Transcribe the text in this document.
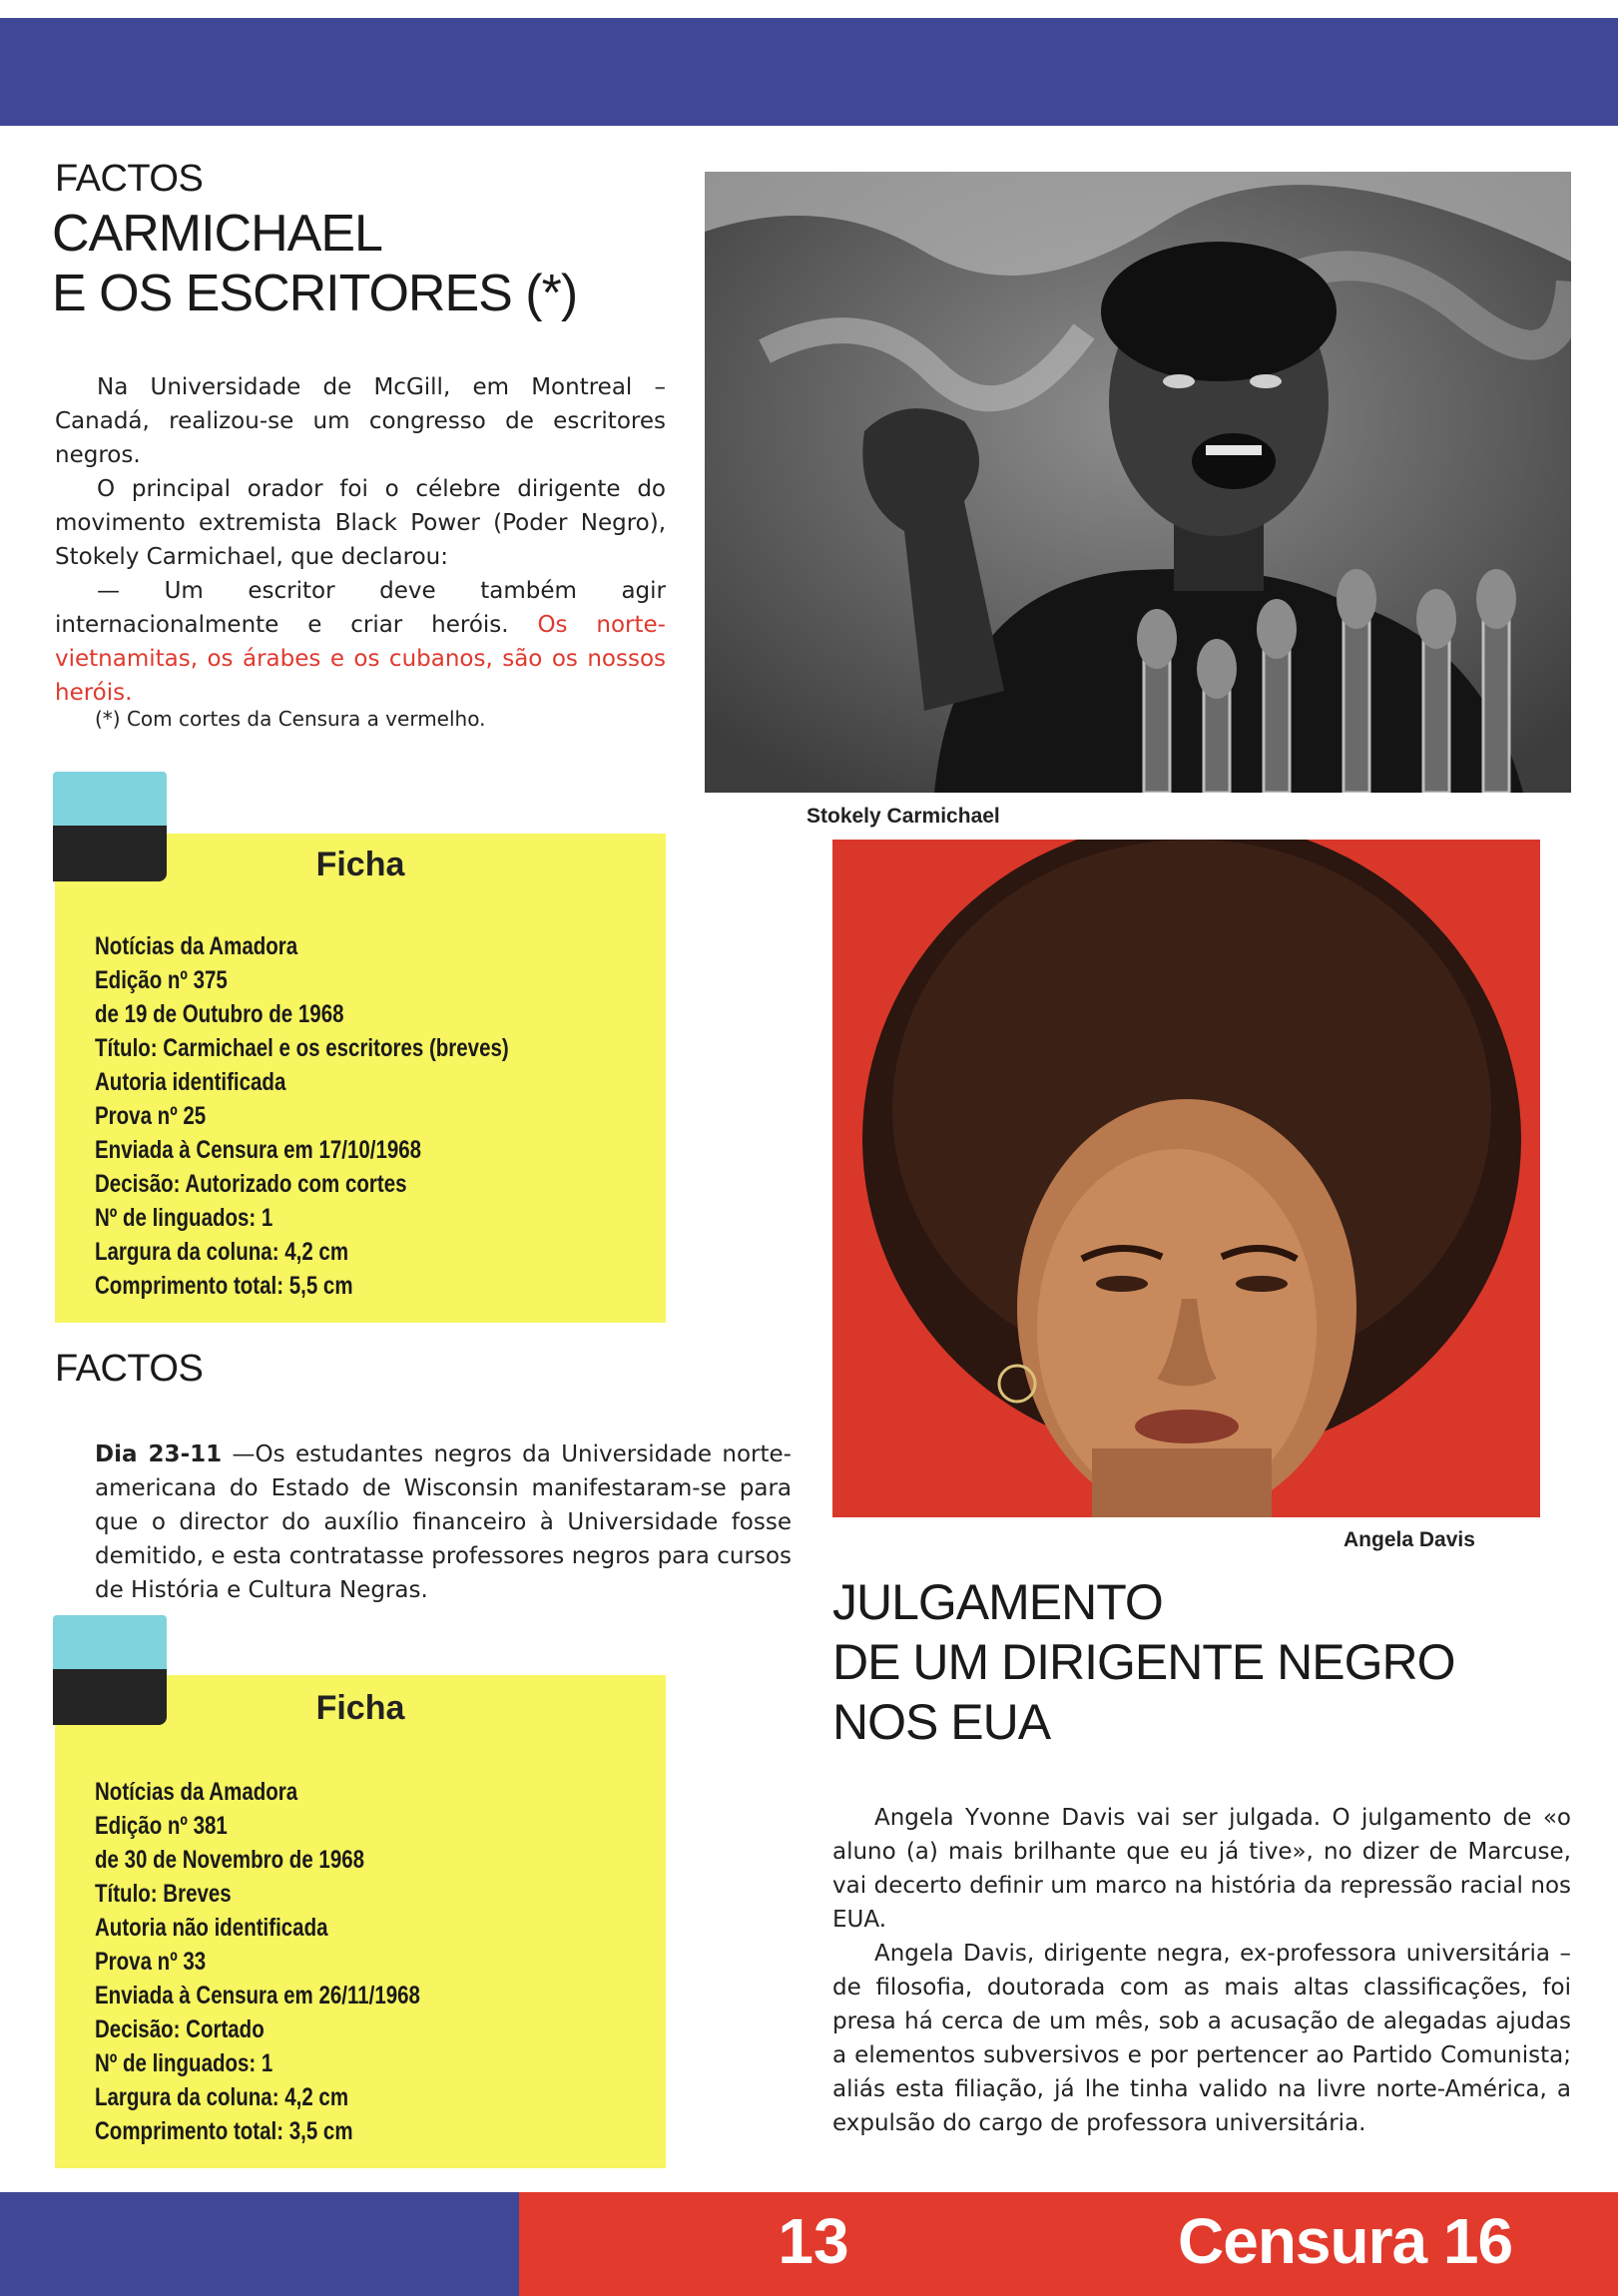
FACTOS
CARMICHAEL
E OS ESCRITORES (*)

Na Universidade de McGill, em Montreal – Canadá, realizou-se um congresso de escritores negros.

O principal orador foi o célebre dirigente do movimento extremista Black Power (Poder Negro), Stokely Carmichael, que declarou:

— Um escritor deve também agir internacionalmente e criar heróis. Os norte-vietnamitas, os árabes e os cubanos, são os nossos heróis.

(*) Com cortes da Censura a vermelho.
Ficha
Notícias da Amadora
Edição nº 375
de 19 de Outubro de 1968
Título: Carmichael e os escritores (breves)
Autoria identificada
Prova nº 25
Enviada à Censura em 17/10/1968
Decisão: Autorizado com cortes
Nº de linguados: 1
Largura da coluna: 4,2 cm
Comprimento total: 5,5 cm
FACTOS

Dia 23-11 —Os estudantes negros da Universidade norte-americana do Estado de Wisconsin manifestaram-se para que o director do auxílio financeiro à Universidade fosse demitido, e esta contratasse professores negros para cursos de História e Cultura Negras.

Ficha
Notícias da Amadora
Edição nº 381
de 30 de Novembro de 1968
Título: Breves
Autoria não identificada
Prova nº 33
Enviada à Censura em 26/11/1968
Decisão: Cortado
Nº de linguados: 1
Largura da coluna: 4,2 cm
Comprimento total: 3,5 cm
Stokely Carmichael
Angela Davis
JULGAMENTO
DE UM DIRIGENTE NEGRO
NOS EUA

Angela Yvonne Davis vai ser julgada. O julgamento de «o aluno (a) mais brilhante que eu já tive», no dizer de Marcuse, vai decerto definir um marco na história da repressão racial nos EUA.

Angela Davis, dirigente negra, ex-professora universitária – de filosofia, doutorada com as mais altas classificações, foi presa há cerca de um mês, sob a acusação de alegadas ajudas a elementos subversivos e por pertencer ao Partido Comunista; aliás esta filiação, já lhe tinha valido na livre norte-América, a expulsão do cargo de professora universitária.

13	Censura 16
